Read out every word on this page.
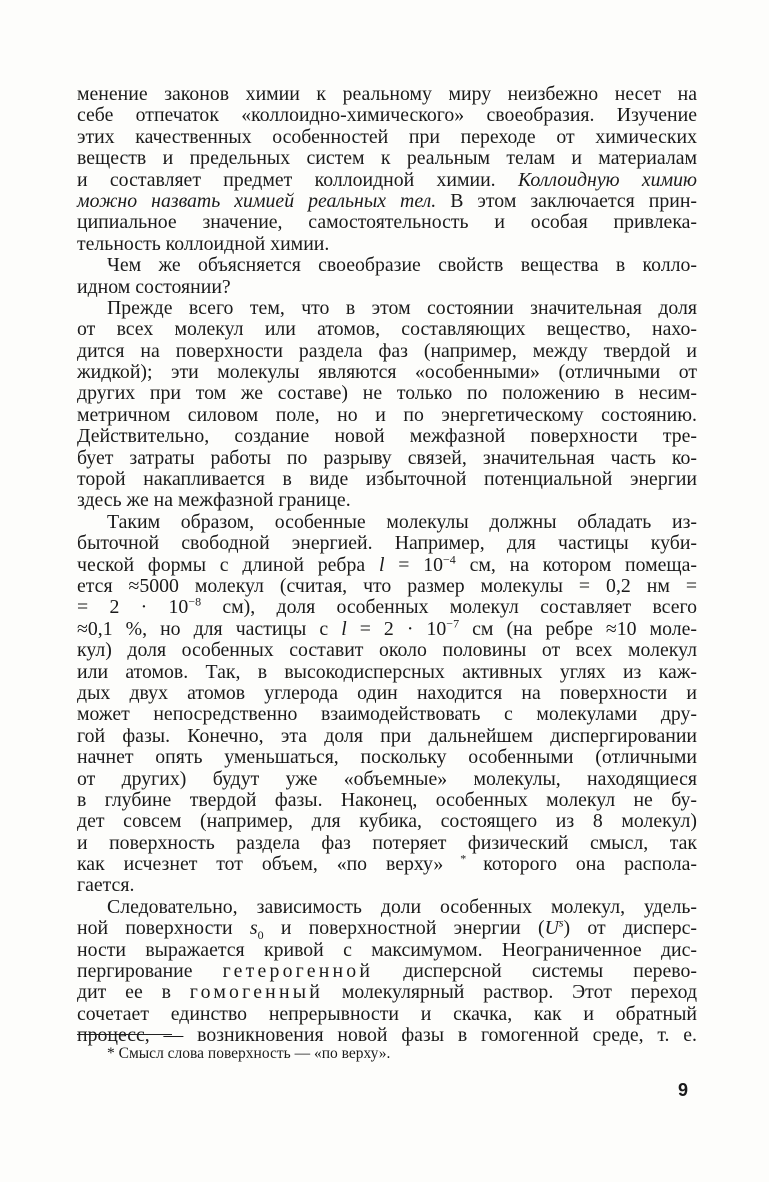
менение законов химии к реальному миру неизбежно несет на
себе отпечаток «коллоидно-химического» своеобразия. Изучение
этих качественных особенностей при переходе от химических
веществ и предельных систем к реальным телам и материалам
и составляет предмет коллоидной химии. Коллоидную химию
можно назвать химией реальных тел. В этом заключается прин-
ципиальное значение, самостоятельность и особая привлека-
тельность коллоидной химии.
Чем же объясняется своеобразие свойств вещества в колло-
идном состоянии?
Прежде всего тем, что в этом состоянии значительная доля
от всех молекул или атомов, составляющих вещество, нахо-
дится на поверхности раздела фаз (например, между твердой и
жидкой); эти молекулы являются «особенными» (отличными от
других при том же составе) не только по положению в несим-
метричном силовом поле, но и по энергетическому состоянию.
Действительно, создание новой межфазной поверхности тре-
бует затраты работы по разрыву связей, значительная часть ко-
торой накапливается в виде избыточной потенциальной энергии
здесь же на межфазной границе.
Таким образом, особенные молекулы должны обладать из-
быточной свободной энергией. Например, для частицы куби-
ческой формы с длиной ребра $l = 10^{-4}$ см, на котором помеща-
ется ≈5000 молекул (считая, что размер молекулы = 0,2 нм =
= $2 \cdot 10^{-8}$ см), доля особенных молекул составляет всего
≈0,1 %, но для частицы с $l = 2 \cdot 10^{-7}$ см (на ребре ≈10 моле-
кул) доля особенных составит около половины от всех молекул
или атомов. Так, в высокодисперсных активных углях из каж-
дых двух атомов углерода один находится на поверхности и
может непосредственно взаимодействовать с молекулами дру-
гой фазы. Конечно, эта доля при дальнейшем диспергировании
начнет опять уменьшаться, поскольку особенными (отличными
от других) будут уже «объемные» молекулы, находящиеся
в глубине твердой фазы. Наконец, особенных молекул не бу-
дет совсем (например, для кубика, состоящего из 8 молекул)
и поверхность раздела фаз потеряет физический смысл, так
как исчезнет тот объем, «по верху» * которого она распола-
гается.
Следовательно, зависимость доли особенных молекул, удель-
ной поверхности $s_0$ и поверхностной энергии $(U^s)$ от дисперс-
ности выражается кривой с максимумом. Неограниченное дис-
пергирование гетерогенной дисперсной системы перево-
дит ее в гомогенный молекулярный раствор. Этот переход
сочетает единство непрерывности и скачка, как и обратный
процесс, — возникновения новой фазы в гомогенной среде, т. е.
* Смысл слова поверхность — «по верху».
9
